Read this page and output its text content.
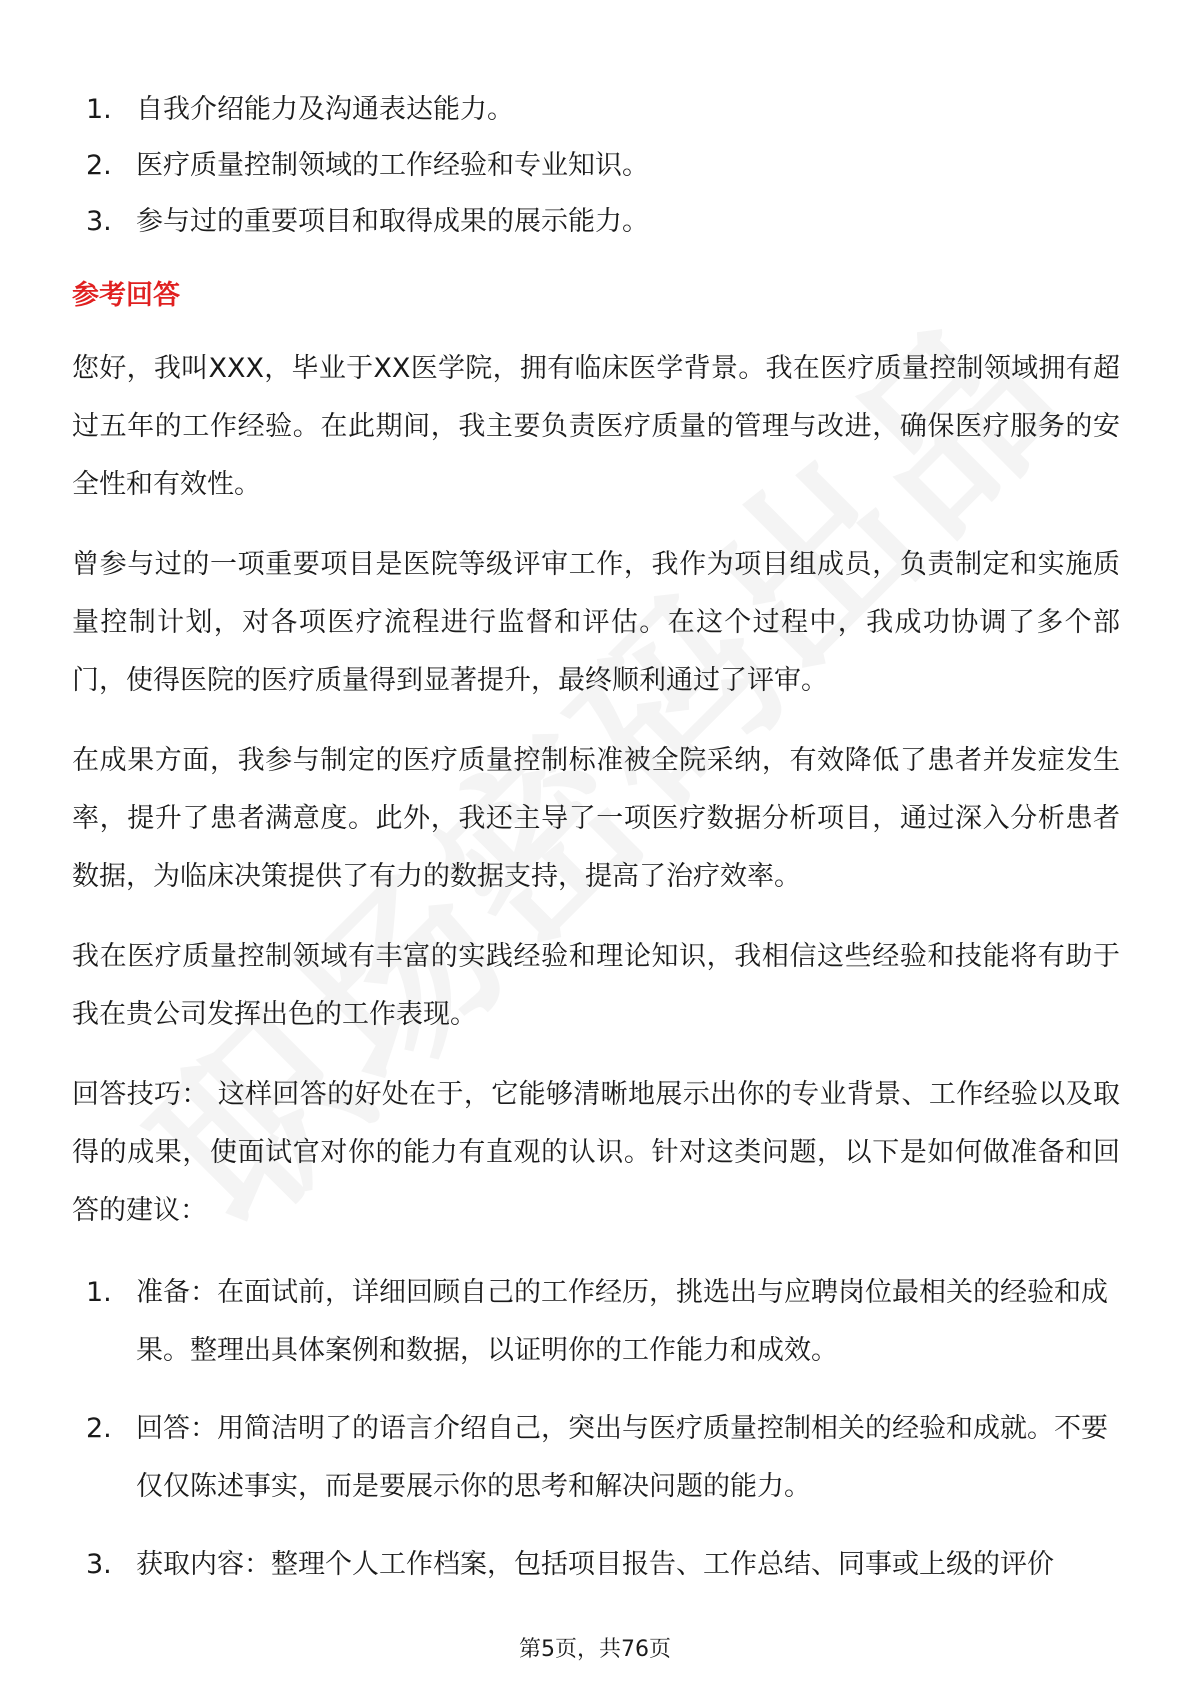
1. 自我介绍能力及沟通表达能力。
2. 医疗质量控制领域的工作经验和专业知识。
3. 参与过的重要项目和取得成果的展示能力。
参考回答

您好，我叫XXX，毕业于XX医学院，拥有临床医学背景。我在医疗质量控制领域拥有超过五年的工作经验。在此期间，我主要负责医疗质量的管理与改进，确保医疗服务的安全性和有效性。

曾参与过的一项重要项目是医院等级评审工作，我作为项目组成员，负责制定和实施质量控制计划，对各项医疗流程进行监督和评估。在这个过程中，我成功协调了多个部门，使得医院的医疗质量得到显著提升，最终顺利通过了评审。

在成果方面，我参与制定的医疗质量控制标准被全院采纳，有效降低了患者并发症发生率，提升了患者满意度。此外，我还主导了一项医疗数据分析项目，通过深入分析患者数据，为临床决策提供了有力的数据支持，提高了治疗效率。

我在医疗质量控制领域有丰富的实践经验和理论知识，我相信这些经验和技能将有助于我在贵公司发挥出色的工作表现。

回答技巧： 这样回答的好处在于，它能够清晰地展示出你的专业背景、工作经验以及取得的成果，使面试官对你的能力有直观的认识。针对这类问题，以下是如何做准备和回答的建议：

1. 准备：在面试前，详细回顾自己的工作经历，挑选出与应聘岗位最相关的经验和成果。整理出具体案例和数据，以证明你的工作能力和成效。
2. 回答：用简洁明了的语言介绍自己，突出与医疗质量控制相关的经验和成就。不要仅仅陈述事实，而是要展示你的思考和解决问题的能力。
3. 获取内容：整理个人工作档案，包括项目报告、工作总结、同事或上级的评价
第5页，共76页
